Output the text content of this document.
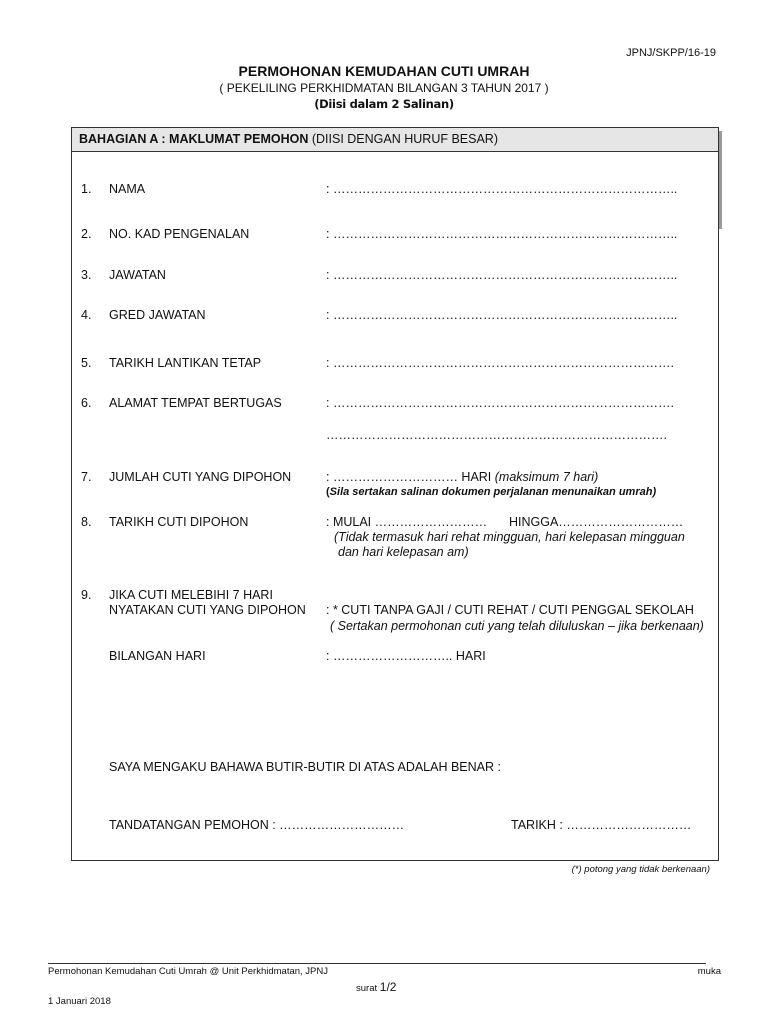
JPNJ/SKPP/16-19
PERMOHONAN KEMUDAHAN CUTI UMRAH
( PEKELILING PERKHIDMATAN BILANGAN 3 TAHUN 2017 )
(Diisi dalam 2 Salinan)
BAHAGIAN A : MAKLUMAT PEMOHON (DIISI DENGAN HURUF BESAR)
1. NAMA	: ………………………………………………………………………..
2. NO. KAD PENGENALAN	: ………………………………………………………………………..
3. JAWATAN	: ………………………………………………………………………..
4. GRED JAWATAN	: ………………………………………………………………………..
5. TARIKH LANTIKAN TETAP	: ……………………………………………………………………….
6. ALAMAT TEMPAT BERTUGAS	: ……………………………………………………………………….
……………………………………………………………………….
7. JUMLAH CUTI YANG DIPOHON	: ………………………… HARI (maksimum 7 hari)
(Sila sertakan salinan dokumen perjalanan menunaikan umrah)
8. TARIKH CUTI DIPOHON	: MULAI ……………………… HINGGA…………………………
(Tidak termasuk hari rehat mingguan, hari kelepasan mingguan
dan hari kelepasan am)
9. JIKA CUTI MELEBIHI 7 HARI
NYATAKAN CUTI YANG DIPOHON : * CUTI TANPA GAJI / CUTI REHAT / CUTI PENGGAL SEKOLAH
( Sertakan permohonan cuti yang telah diluluskan – jika berkenaan)
BILANGAN HARI	: ……………………….. HARI
SAYA MENGAKU BAHAWA BUTIR-BUTIR DI ATAS ADALAH BENAR :
TANDATANGAN PEMOHON : …………………………	TARIKH : …………………………
(*) potong yang tidak berkenaan)
Permohonan Kemudahan Cuti Umrah @ Unit Perkhidmatan, JPNJ	muka
surat 1/2
1 Januari 2018
